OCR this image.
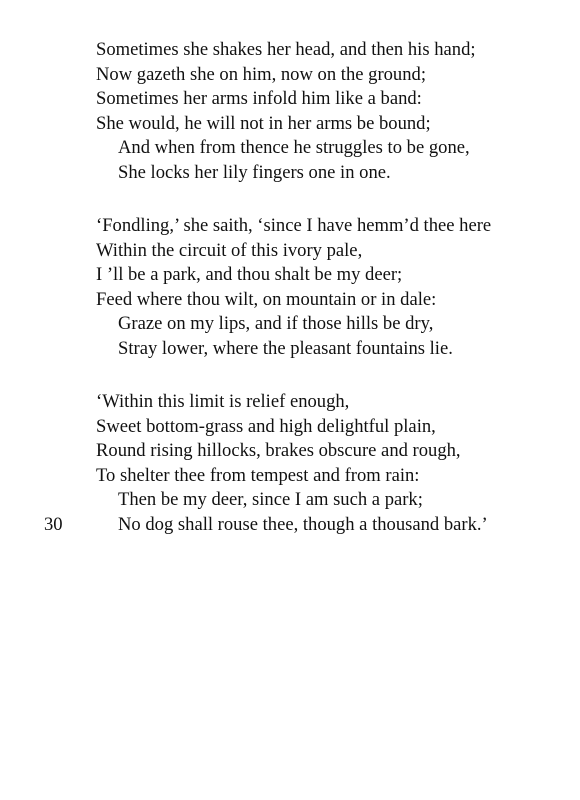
Sometimes she shakes her head, and then his hand;
Now gazeth she on him, now on the ground;
Sometimes her arms infold him like a band:
She would, he will not in her arms be bound;
And when from thence he struggles to be gone,
She locks her lily fingers one in one.
‘Fondling,’ she saith, ‘since I have hemm’d thee here
Within the circuit of this ivory pale,
I ’ll be a park, and thou shalt be my deer;
Feed where thou wilt, on mountain or in dale:
Graze on my lips, and if those hills be dry,
Stray lower, where the pleasant fountains lie.
‘Within this limit is relief enough,
Sweet bottom-grass and high delightful plain,
Round rising hillocks, brakes obscure and rough,
To shelter thee from tempest and from rain:
Then be my deer, since I am such a park;
30	No dog shall rouse thee, though a thousand bark.’
